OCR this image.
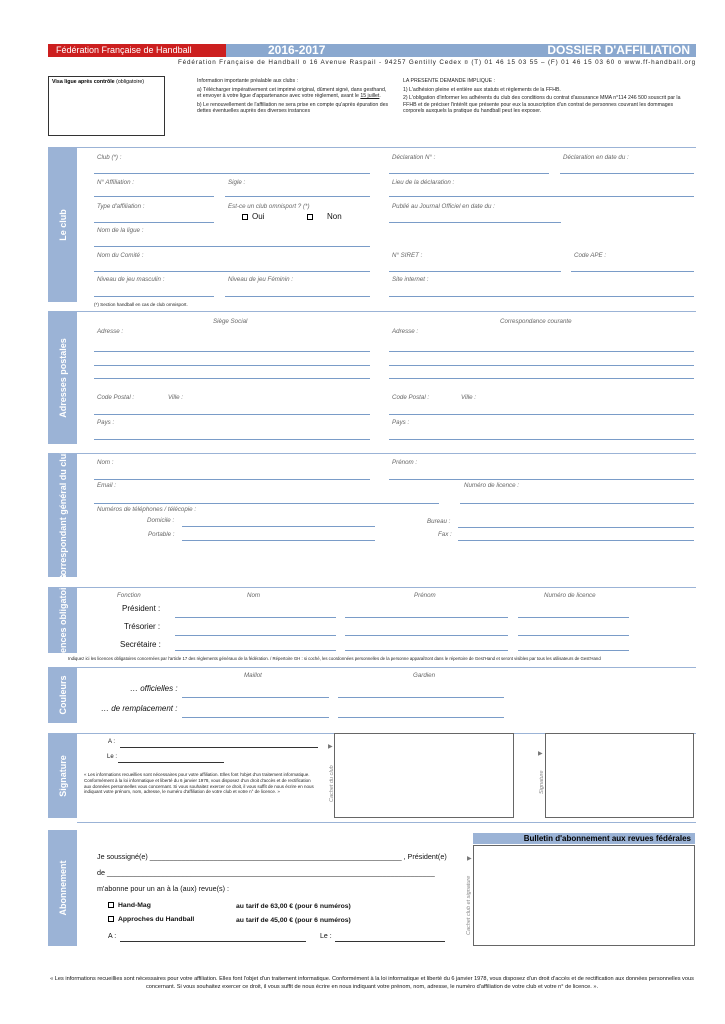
Fédération Française de Handball	2016-2017	DOSSIER D'AFFILIATION
Fédération Française de Handball ¤ 16 Avenue Raspail - 94257 Gentilly Cedex ¤ (T) 01 46 15 03 55 – (F) 01 46 15 03 60 ¤ www.ff-handball.org
Visa ligue après contrôle (obligatoire)	Information importante préalable aux clubs :

a) Télécharger impérativement cet imprimé original, dûment signé, dans gesthand, et envoyer à votre ligue d'appartenance avec votre règlement, avant le 15 juillet.

b) Le renouvellement de l'affiliation ne sera prise en compte qu'après épuration des dettes éventuelles auprès des diverses instances

LA PRESENTE DEMANDE IMPLIQUE :

1) L'adhésion pleine et entière aux statuts et règlements de la FFHB.

2) L'obligation d'informer les adhérents du club des conditions du contrat d'assurance MMA n°114 246 500 souscrit par la FFHB et de préciser l'intérêt que présente pour eux la souscription d'un contrat de personnes couvrant les dommages corporels auxquels la pratique du handball peut les exposer.

Le club
Club (*) :	Déclaration N° :	Déclaration en date du :
N° Affiliation :	Sigle :	Lieu de la déclaration :
Type d'affiliation :	Est-ce un club omnisport ? (*)
Oui	Non
Publié au Journal Officiel en date du :
Nom de la ligue :
Nom du Comité :	N° SIRET :	Code APE :
Niveau de jeu masculin :	Niveau de jeu Féminin :	Site internet :
(*) Section handball en cas de club omnisport.
Adresses postales
Siège Social	Correspondance courante
Adresse :	Adresse :
Code Postal :	Ville :	Code Postal :	Ville :
Pays :	Pays :
Correspondant général du club	Nom :	Prénom :
Email :	Numéro de licence :
Numéros de téléphones / télécopie :
Domicile :
Portable :
Bureau :
Fax :
Licences obligatoires	Fonction	Nom	Prénom	Numéro de licence
Président :
Trésorier :
Secrétaire :
Indiquez ici les licences obligatoires concernées par l'article 17 des règlements généraux de la fédération. / Répertoire GH : si coché, les coordonnées personnelles de la personne apparaîtront dans le répertoire de Gest'Hand et seront visibles par tous les utilisateurs de Gest'Hand
Couleurs	Maillot	Gardien
… officielles :
… de remplacement :
Signature
A :
Le :
« Les informations recueillies sont nécessaires pour votre affiliation. Elles font l'objet d'un traitement informatique. Conformément à la loi informatique et liberté du 6 janvier 1978, vous disposez d'un droit d'accès et de rectification aux données personnelles vous concernant. Si vous souhaitez exercer ce droit, il vous suffit de nous écrire en nous indiquant votre prénom, nom, adresse, le numéro d'affiliation de votre club et votre n° de licence. »
▶
Cachet du club
▶
Signature
Abonnement
Bulletin d'abonnement aux revues fédérales
Je soussigné(e) _______________________________________________________________ , Président(e)
de __________________________________________________________________________________
m'abonne pour un an à la (aux) revue(s) :
Hand-Mag	au tarif de 63,00 € (pour 6 numéros)
Approches du Handball	au tarif de 45,00 € (pour 6 numéros)
A :	Le :
▶
Cachet club et signature
« Les informations recueillies sont nécessaires pour votre affiliation. Elles font l'objet d'un traitement informatique. Conformément à la loi informatique et liberté du 6 janvier 1978, vous disposez d'un droit d'accès et de rectification aux données personnelles vous concernant. Si vous souhaitez exercer ce droit, il vous suffit de nous écrire en nous indiquant votre prénom, nom, adresse, le numéro d'affiliation de votre club et votre n° de licence. ».
